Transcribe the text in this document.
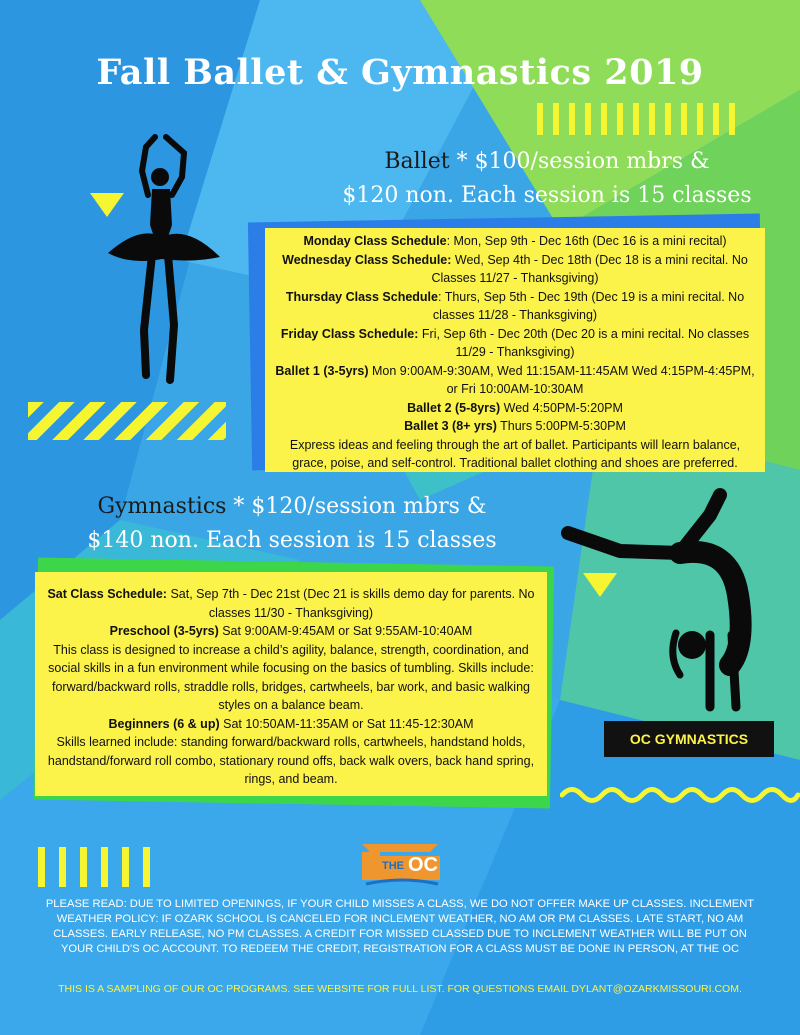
Fall Ballet & Gymnastics 2019
Ballet * $100/session mbrs &
$120 non. Each session is 15 classes
Monday Class Schedule: Mon, Sep 9th - Dec 16th (Dec 16 is a mini recital)
Wednesday Class Schedule: Wed, Sep 4th - Dec 18th (Dec 18 is a mini recital. No Classes 11/27 - Thanksgiving)
Thursday Class Schedule: Thurs, Sep 5th - Dec 19th (Dec 19 is a mini recital. No classes 11/28 - Thanksgiving)
Friday Class Schedule: Fri, Sep 6th - Dec 20th (Dec 20 is a mini recital. No classes 11/29 - Thanksgiving)
Ballet 1 (3-5yrs) Mon 9:00AM-9:30AM, Wed 11:15AM-11:45AM Wed 4:15PM-4:45PM, or Fri 10:00AM-10:30AM
Ballet 2 (5-8yrs) Wed 4:50PM-5:20PM
Ballet 3 (8+ yrs) Thurs 5:00PM-5:30PM
Express ideas and feeling through the art of ballet. Participants will learn balance, grace, poise, and self-control. Traditional ballet clothing and shoes are preferred.
Gymnastics * $120/session mbrs &
$140 non. Each session is 15 classes
Sat Class Schedule: Sat, Sep 7th - Dec 21st (Dec 21 is skills demo day for parents. No classes 11/30 - Thanksgiving)
Preschool (3-5yrs) Sat 9:00AM-9:45AM or Sat 9:55AM-10:40AM
This class is designed to increase a child’s agility, balance, strength, coordination, and social skills in a fun environment while focusing on the basics of tumbling. Skills include: forward/backward rolls, straddle rolls, bridges, cartwheels, bar work, and basic walking styles on a balance beam.
Beginners (6 & up) Sat 10:50AM-11:35AM or Sat 11:45-12:30AM
Skills learned include: standing forward/backward rolls, cartwheels, handstand holds, handstand/forward roll combo, stationary round offs, back walk overs, back hand spring, rings, and beam.
OC GYMNASTICS
THE OC
PLEASE READ: DUE TO LIMITED OPENINGS, IF YOUR CHILD MISSES A CLASS, WE DO NOT OFFER MAKE UP CLASSES. INCLEMENT WEATHER POLICY: IF OZARK SCHOOL IS CANCELED FOR INCLEMENT WEATHER, NO AM OR PM CLASSES. LATE START, NO AM CLASSES. EARLY RELEASE, NO PM CLASSES. A CREDIT FOR MISSED CLASSED DUE TO INCLEMENT WEATHER WILL BE PUT ON YOUR CHILD'S OC ACCOUNT. TO REDEEM THE CREDIT, REGISTRATION FOR A CLASS MUST BE DONE IN PERSON, AT THE OC
THIS IS A SAMPLING OF OUR OC PROGRAMS. SEE WEBSITE FOR FULL LIST. FOR QUESTIONS EMAIL DYLANT@OZARKMISSOURI.COM.
